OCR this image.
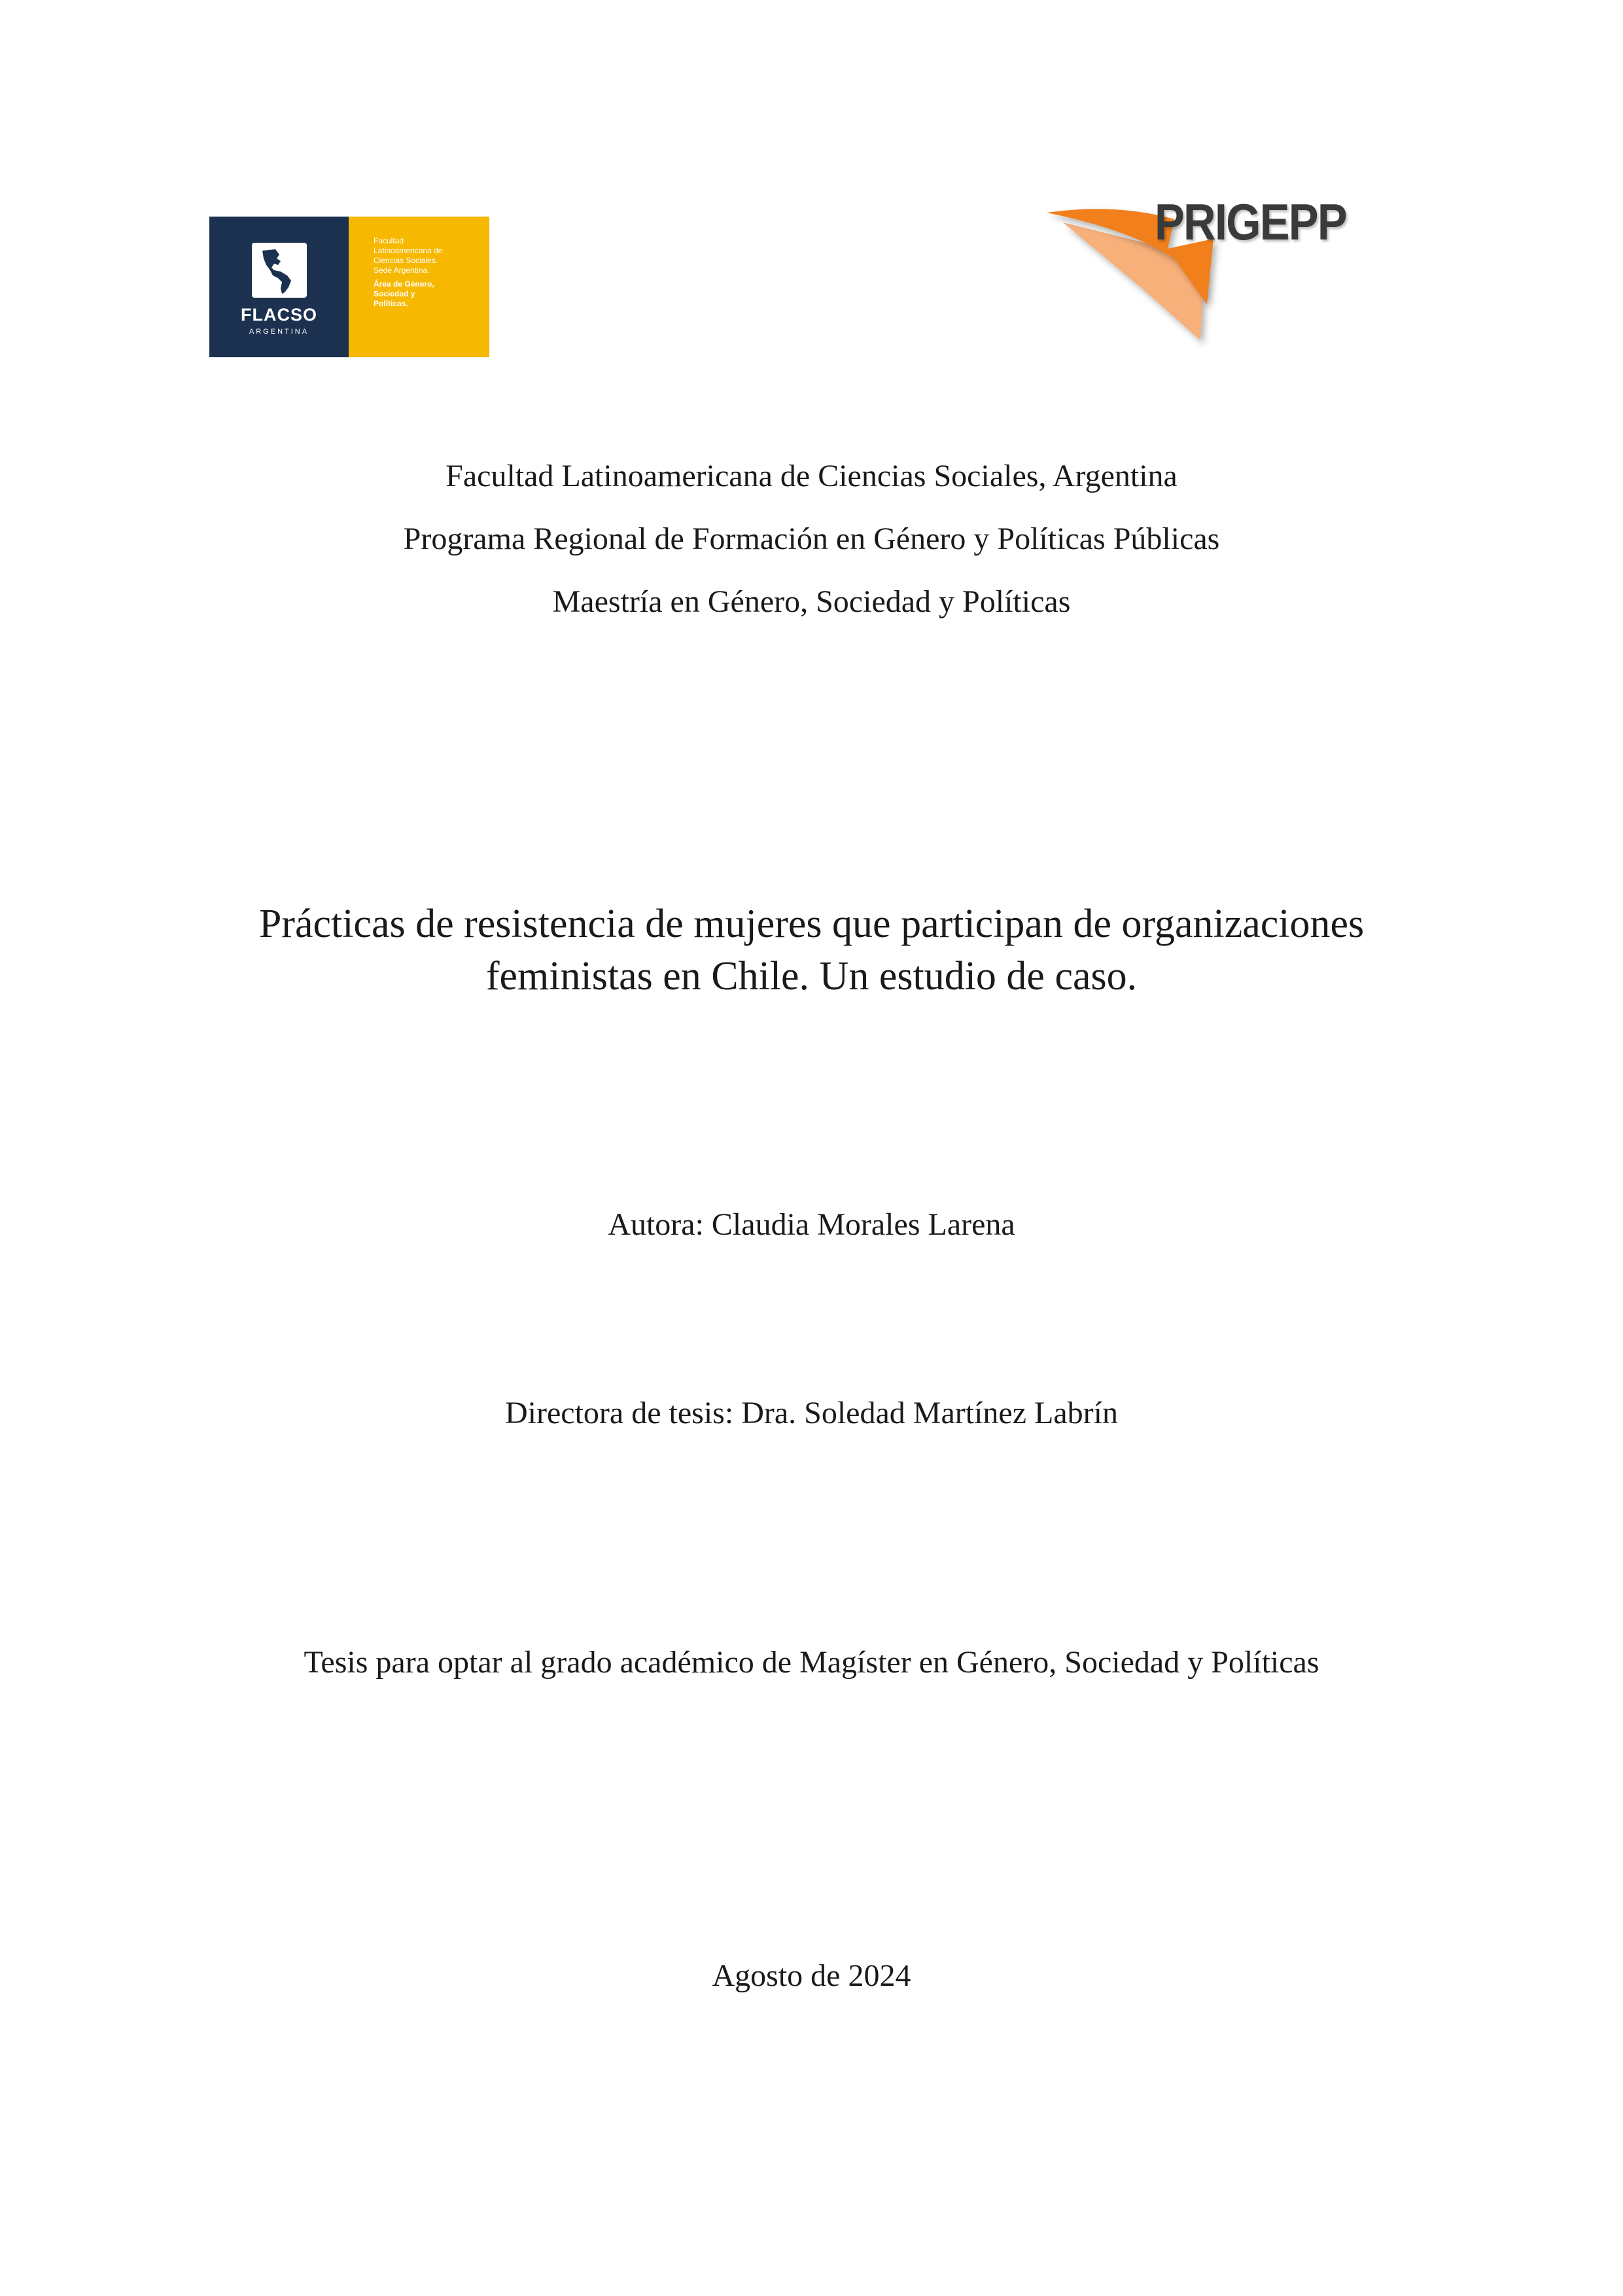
FLACSO
ARGENTINA
Facultad
Latinoamericana de
Ciencias Sociales.
Sede Argentina.
Área de Género,
Sociedad y
Políticas.
PRIGEPP
Facultad Latinoamericana de Ciencias Sociales, Argentina
Programa Regional de Formación en Género y Políticas Públicas
Maestría en Género, Sociedad y Políticas
Prácticas de resistencia de mujeres que participan de organizaciones
feministas en Chile. Un estudio de caso.
Autora: Claudia Morales Larena
Directora de tesis: Dra. Soledad Martínez Labrín
Tesis para optar al grado académico de Magíster en Género, Sociedad y Políticas
Agosto de 2024
